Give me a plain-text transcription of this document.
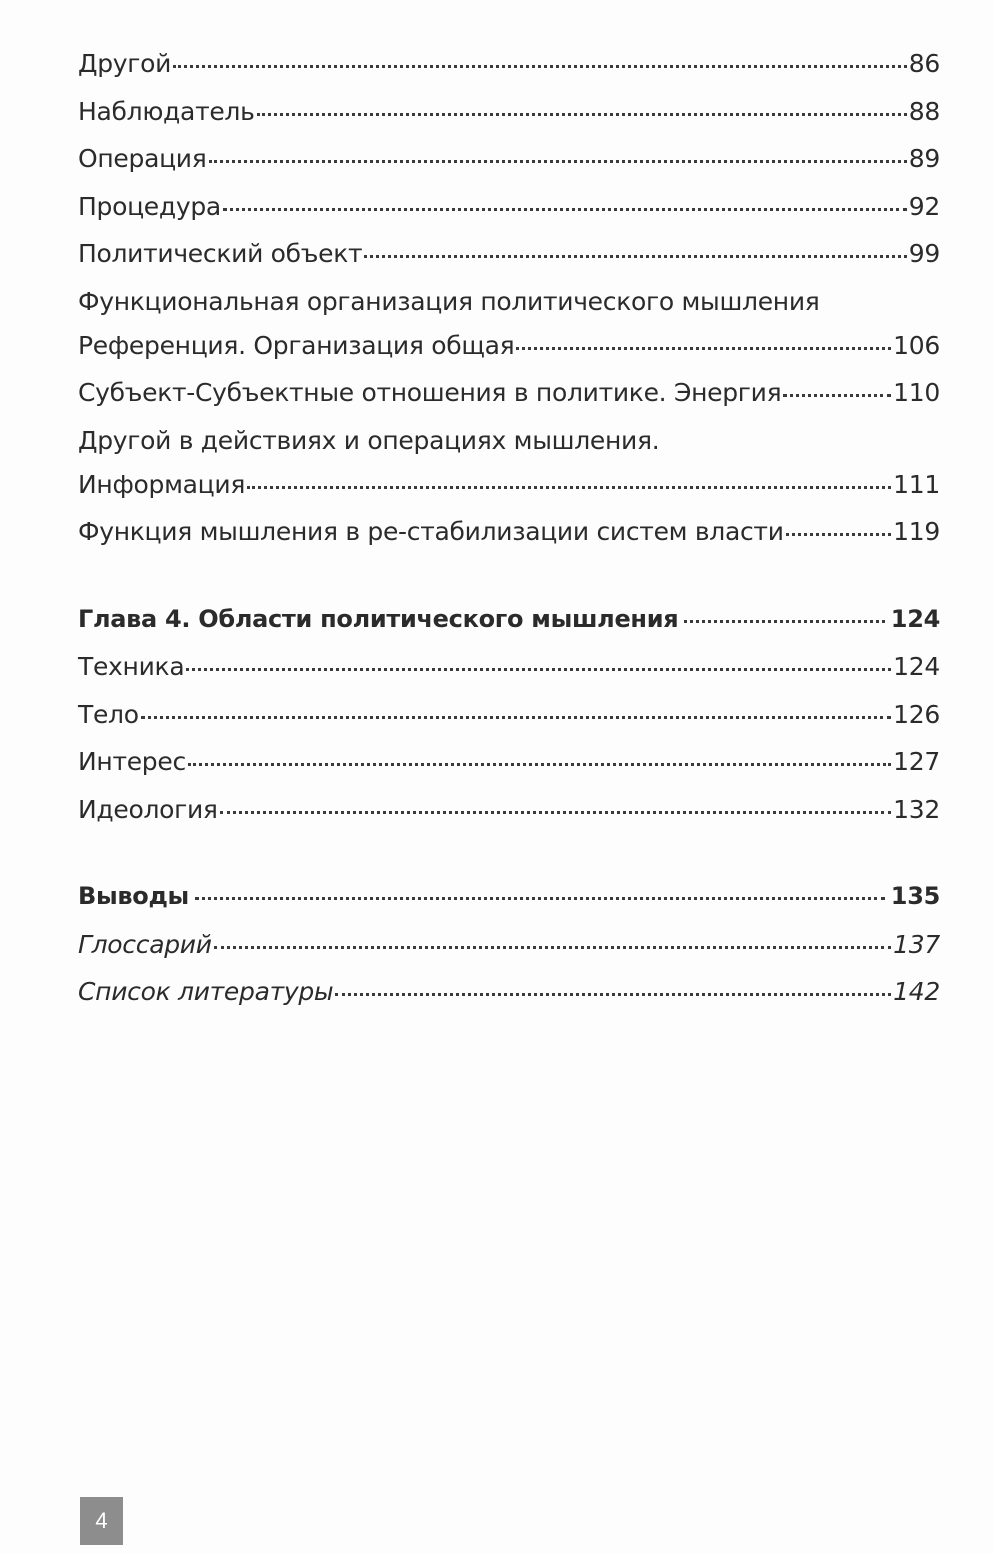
Другой	86
Наблюдатель	88
Операция	89
Процедура	92
Политический объект	99
Функциональная организация политического мышления
Референция. Организация общая	106
Субъект-Субъектные отношения в политике. Энергия	110
Другой в действиях и операциях мышления.
Информация	111
Функция мышления в ре-стабилизации систем власти	119
Глава 4. Области политического мышления	124
Техника	124
Тело	126
Интерес	127
Идеология	132
Выводы	135
Глоссарий	137
Список литературы	142
4
